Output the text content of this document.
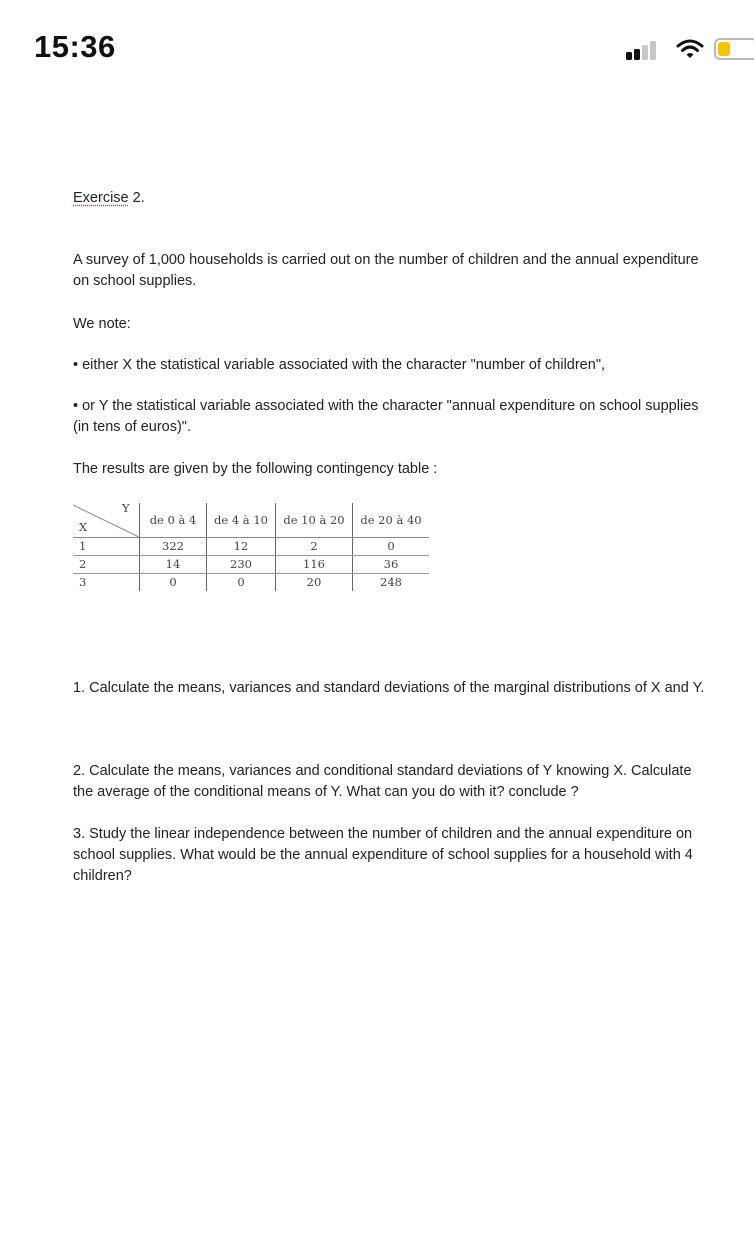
15:36
Exercise 2.
A survey of 1,000 households is carried out on the number of children and the annual expenditure on school supplies.
We note:
• either X the statistical variable associated with the character "number of children",
• or Y the statistical variable associated with the character "annual expenditure on school supplies (in tens of euros)".
The results are given by the following contingency table :
Y
X	de 0 à 4	de 4 à 10	de 10 à 20	de 20 à 40
1	322	12	2	0
2	14	230	116	36
3	0	0	20	248
1. Calculate the means, variances and standard deviations of the marginal distributions of X and Y.
2. Calculate the means, variances and conditional standard deviations of Y knowing X. Calculate the average of the conditional means of Y. What can you do with it? conclude ?
3. Study the linear independence between the number of children and the annual expenditure on school supplies. What would be the annual expenditure of school supplies for a household with 4 children?
